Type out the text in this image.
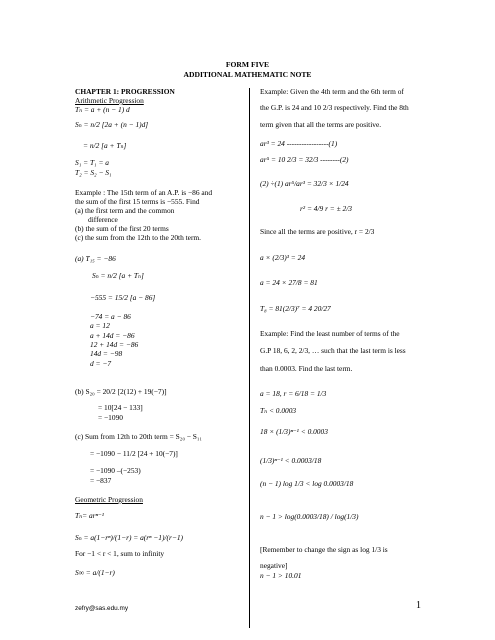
FORM FIVE
ADDITIONAL MATHEMATIC NOTE
CHAPTER 1: PROGRESSION
Arithmetic Progression
Tₙ = a + (n − 1) d
Sₙ = n/2 [2a + (n − 1)d]
= n/2 [a + Tₙ]
S₁ = T₁ = a
T₂ = S₂ − S₁
Example : The 15th term of an A.P. is −86 and
the sum of the first 15 terms is −555. Find
(a) the first term and the common
difference
(b) the sum of the first 20 terms
(c) the sum from the 12th to the 20th term.
(a) T₁₅ = −86
Sₙ = n/2 [a + Tₙ]
−555 = 15/2 [a − 86]
−74 = a − 86
a = 12
a + 14d = −86
12 + 14d = −86
14d = −98
d = −7
(b) S₂₀ = 20/2 [2(12) + 19(−7)]
= 10[24 − 133]
= −1090
(c) Sum from 12th to 20th term = S₂₀ − S₁₁
= −1090 − 11/2 [24 + 10(−7)]
= −1090 –(−253)
= −837
Geometric Progression
Tₙ= arⁿ⁻¹
Sₙ = a(1−rⁿ)/(1−r) = a(rⁿ −1)/(r−1)
For −1 < r < 1, sum to infinity
S∞ = a/(1−r)
Example: Given the 4th term and the 6th term of
the G.P. is 24 and 10 2/3 respectively. Find the 8th
term given that all the terms are positive.
ar³ = 24 -----------------(1)
ar⁵ = 10 2/3 = 32/3 --------(2)
(2) ÷(1) ar⁵/ar³ = 32/3 × 1/24
r² = 4/9 r = ± 2/3
Since all the terms are positive, r = 2/3
a × (2/3)³ = 24
a = 24 × 27/8 = 81
T₈ = 81(2/3)⁷ = 4 20/27
Example: Find the least number of terms of the
G.P 18, 6, 2, 2/3, … such that the last term is less
than 0.0003. Find the last term.
a = 18, r = 6/18 = 1/3
Tₙ < 0.0003
18 × (1/3)ⁿ⁻¹ < 0.0003
(1/3)ⁿ⁻¹ < 0.0003/18
(n − 1) log 1/3 < log 0.0003/18
n − 1 > log(0.0003/18) / log(1/3)
[Remember to change the sign as log 1/3 is
negative]
n − 1 > 10.01
zefry@sas.edu.my	1
